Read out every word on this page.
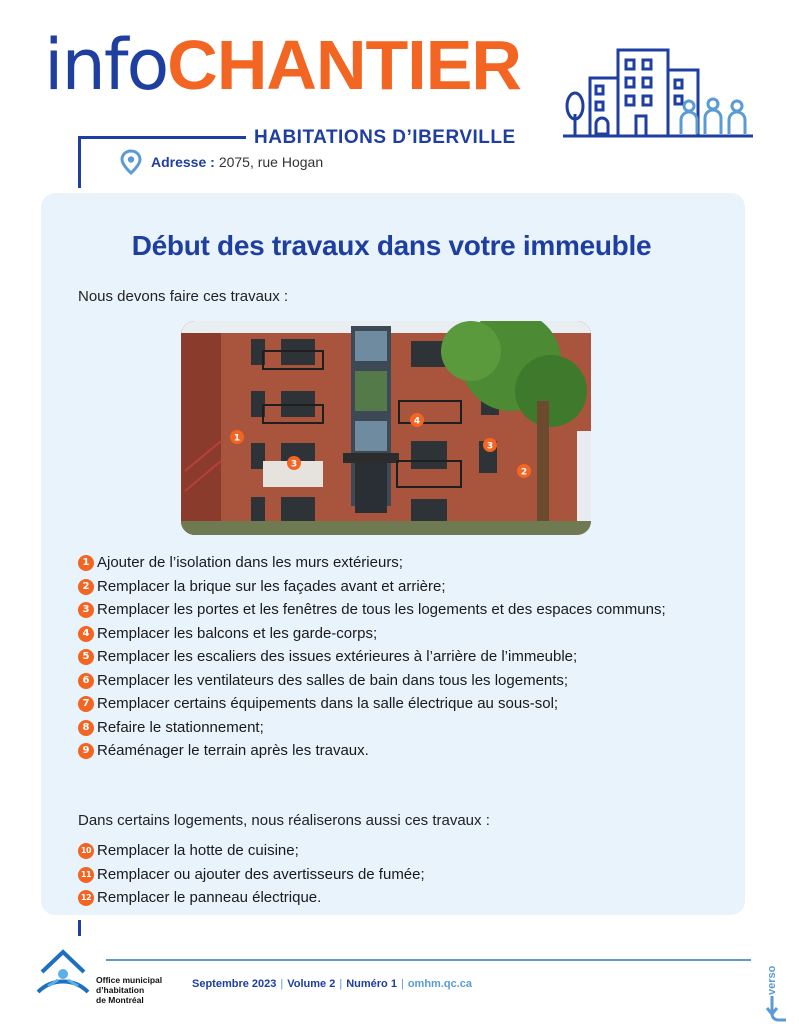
infoCHANTIER
HABITATIONS D’IBERVILLE
Adresse : 2075, rue Hogan
Début des travaux dans votre immeuble

Nous devons faire ces travaux :

1
2
3
3
4
1 Ajouter de l’isolation dans les murs extérieurs;
2 Remplacer la brique sur les façades avant et arrière;
3 Remplacer les portes et les fenêtres de tous les logements et des espaces communs;
4 Remplacer les balcons et les garde-corps;
5 Remplacer les escaliers des issues extérieures à l’arrière de l’immeuble;
6 Remplacer les ventilateurs des salles de bain dans tous les logements;
7 Remplacer certains équipements dans la salle électrique au sous-sol;
8 Refaire le stationnement;
9 Réaménager le terrain après les travaux.

Dans certains logements, nous réaliserons aussi ces travaux :

10 Remplacer la hotte de cuisine;
11 Remplacer ou ajouter des avertisseurs de fumée;
12 Remplacer le panneau électrique.
Office municipal
d’habitation
de Montréal
Septembre 2023 | Volume 2 | Numéro 1 | omhm.qc.ca	verso
